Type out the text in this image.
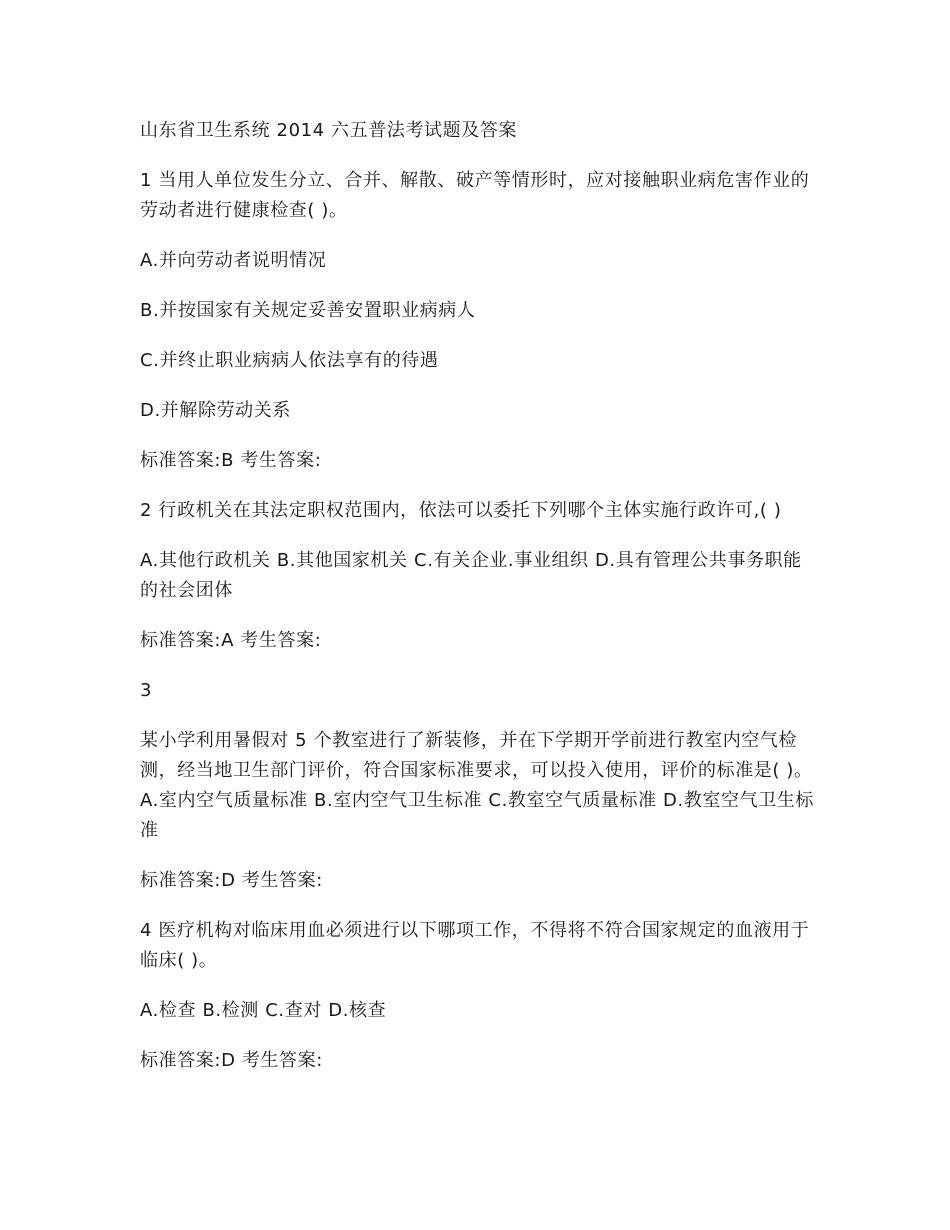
山东省卫生系统 2014 六五普法考试题及答案

1 当用人单位发生分立、合并、解散、破产等情形时，应对接触职业病危害作业的劳动者进行健康检查( )。

A.并向劳动者说明情况

B.并按国家有关规定妥善安置职业病病人

C.并终止职业病病人依法享有的待遇

D.并解除劳动关系

标准答案:B 考生答案:

2 行政机关在其法定职权范围内，依法可以委托下列哪个主体实施行政许可,( )

A.其他行政机关 B.其他国家机关 C.有关企业.事业组织 D.具有管理公共事务职能的社会团体

标准答案:A 考生答案:

3

某小学利用暑假对 5 个教室进行了新装修，并在下学期开学前进行教室内空气检测，经当地卫生部门评价，符合国家标准要求，可以投入使用，评价的标准是( )。 A.室内空气质量标准 B.室内空气卫生标准 C.教室空气质量标准 D.教室空气卫生标准

标准答案:D 考生答案:

4 医疗机构对临床用血必须进行以下哪项工作，不得将不符合国家规定的血液用于临床( )。

A.检查 B.检测 C.查对 D.核查

标准答案:D 考生答案:
